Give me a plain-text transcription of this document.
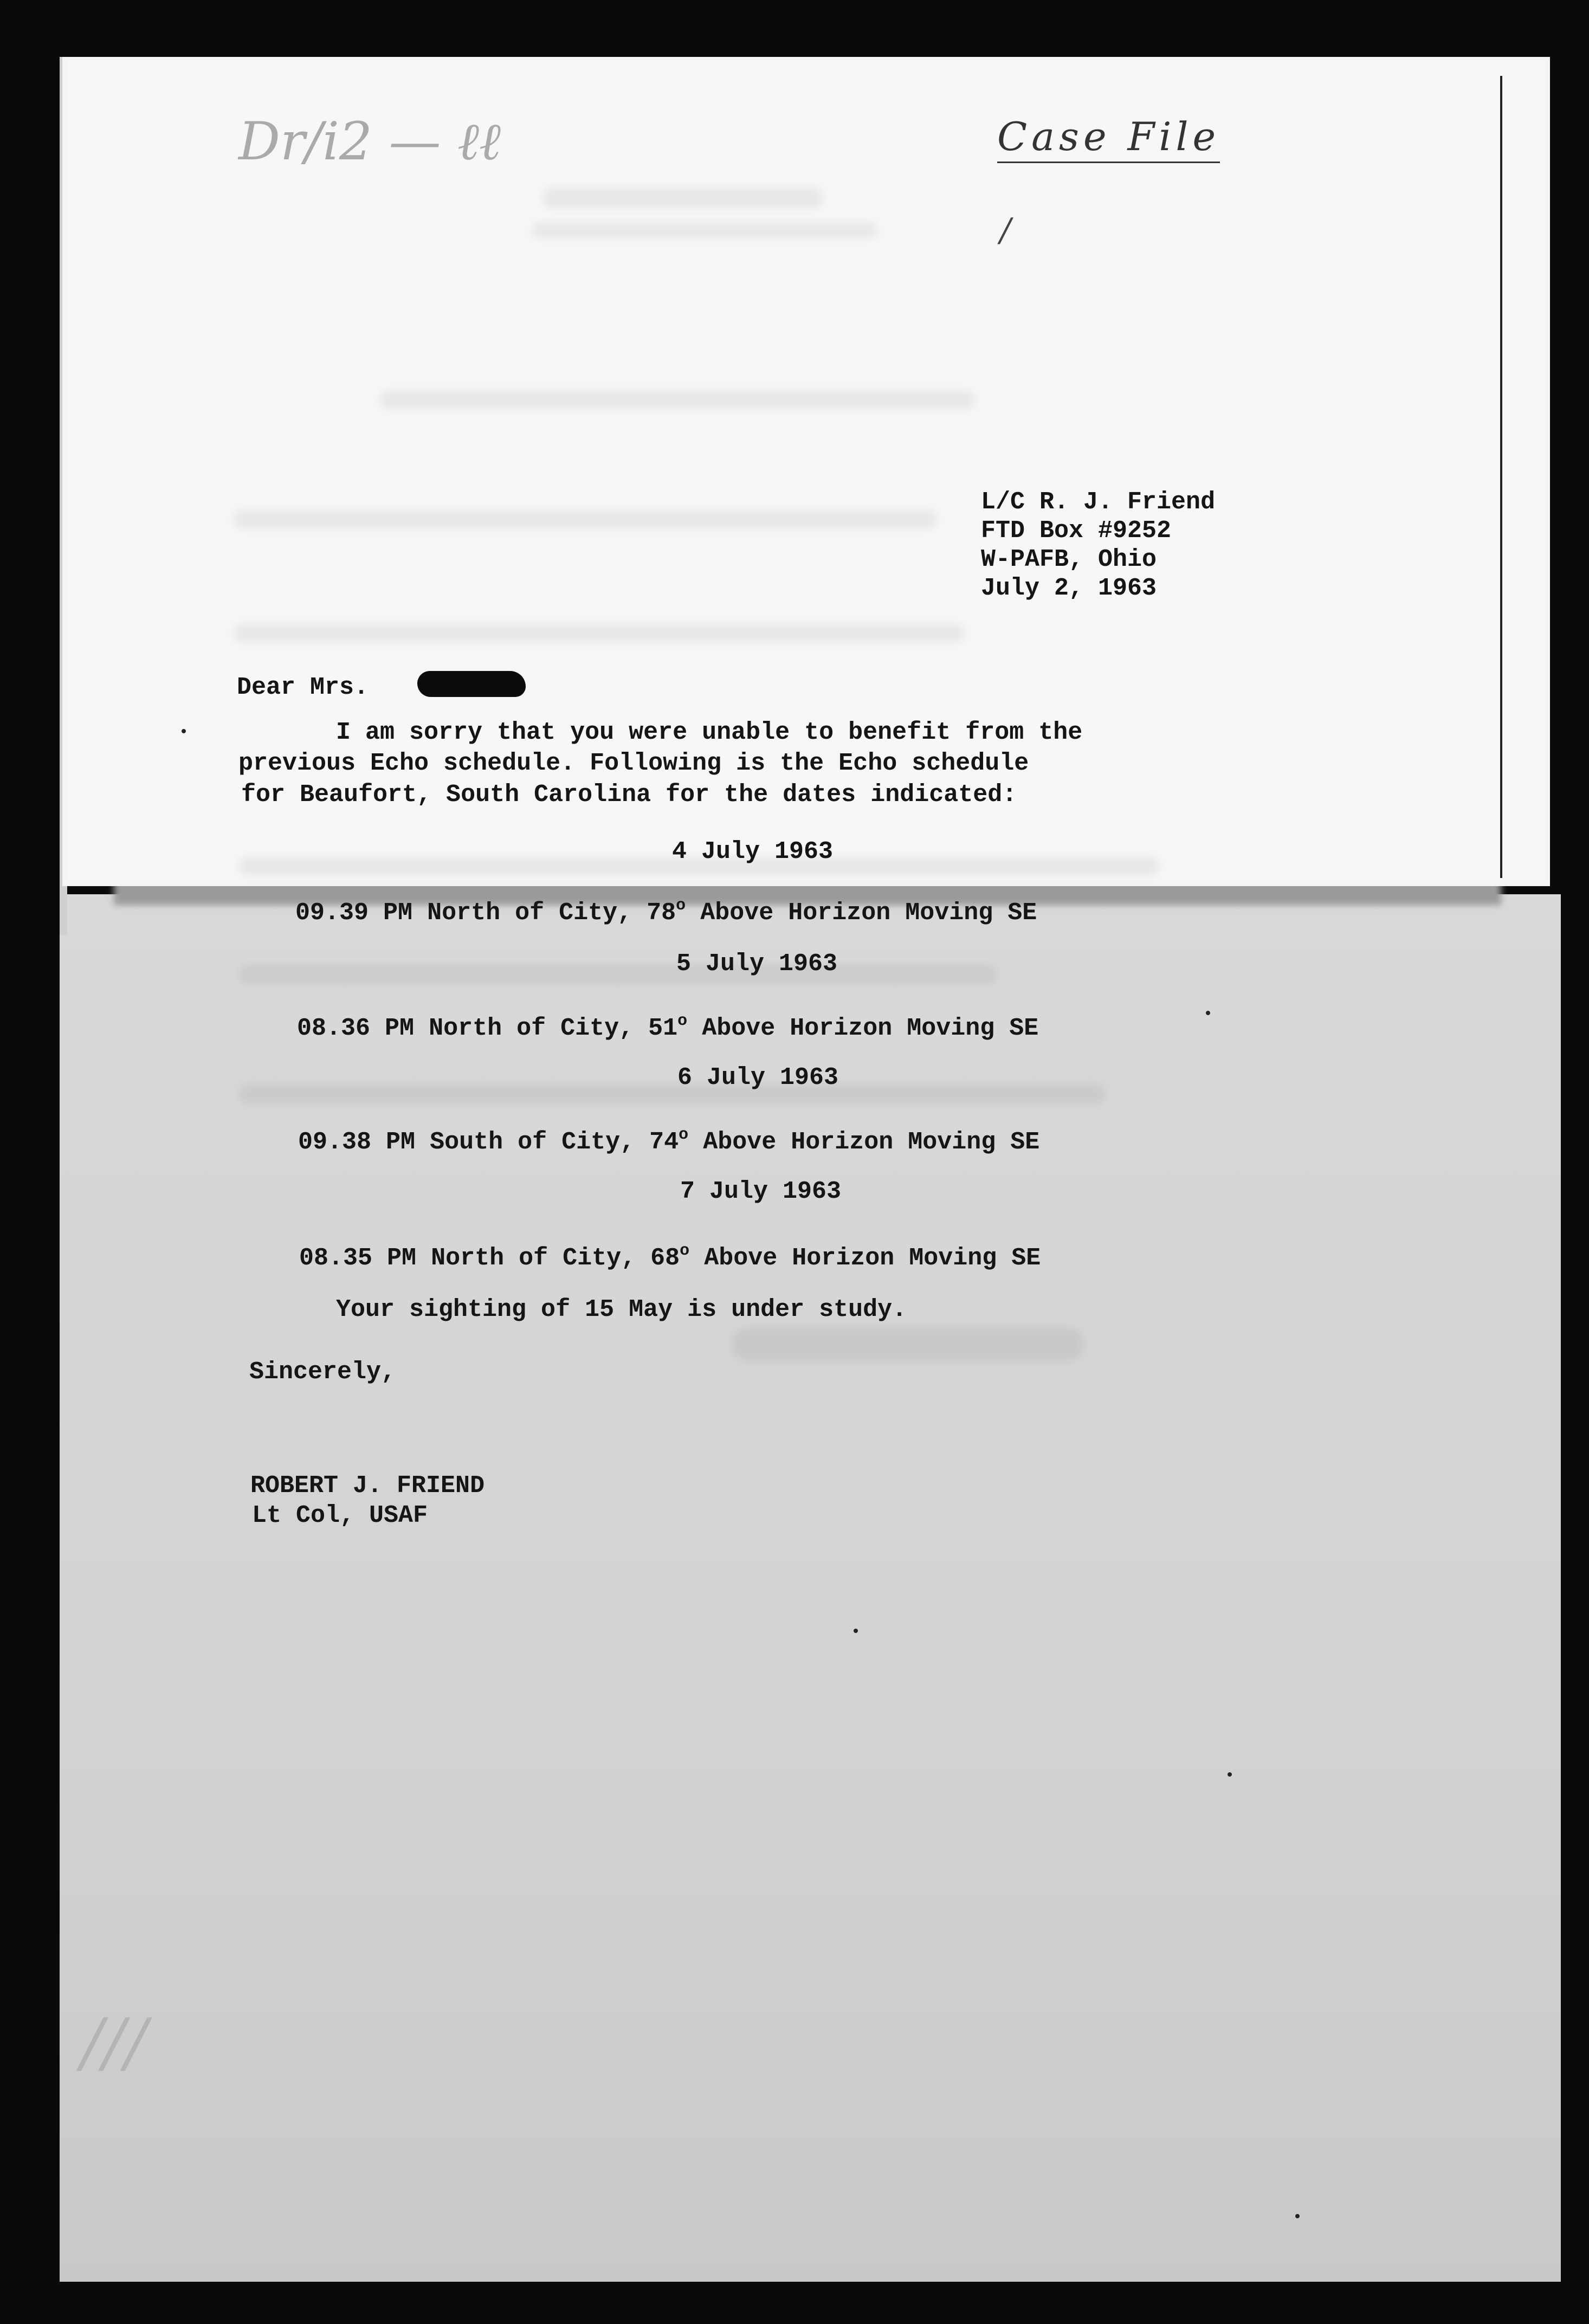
Dr/i2 — ℓℓ	Case File
/
L/C R. J. Friend
FTD Box #9252
W-PAFB, Ohio
July 2, 1963
Dear Mrs.
I am sorry that you were unable to benefit from the
previous Echo schedule. Following is the Echo schedule
for Beaufort, South Carolina for the dates indicated:
4 July 1963
09.39 PM North of City, 78$^o$ Above Horizon Moving SE
5 July 1963
08.36 PM North of City, 51$^o$ Above Horizon Moving SE
6 July 1963
09.38 PM South of City, 74$^o$ Above Horizon Moving SE
7 July 1963
08.35 PM North of City, 68$^o$ Above Horizon Moving SE
Your sighting of 15 May is under study.
Sincerely,
ROBERT J. FRIEND
Lt Col, USAF
///
